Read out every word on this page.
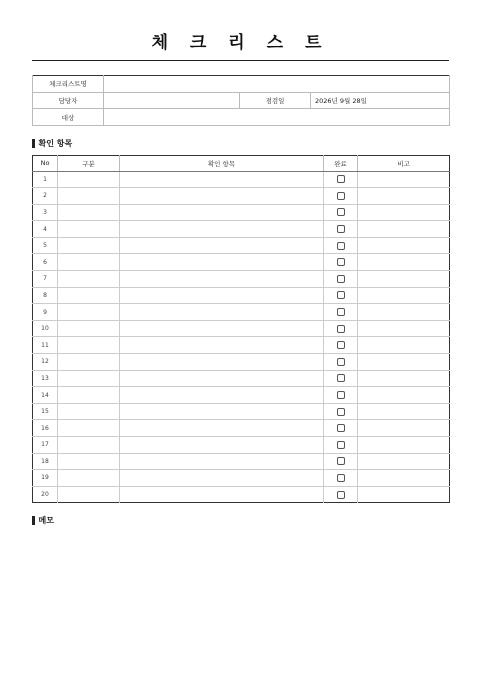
체 크 리 스 트
체크리스트명			
담당자		점검일	2026년 9월 28일
대상			
확인 항목
No	구분	확인 항목	완료	비고
1				
2				
3				
4				
5				
6				
7				
8				
9				
10				
11				
12				
13				
14				
15				
16				
17				
18				
19				
20				
메모
